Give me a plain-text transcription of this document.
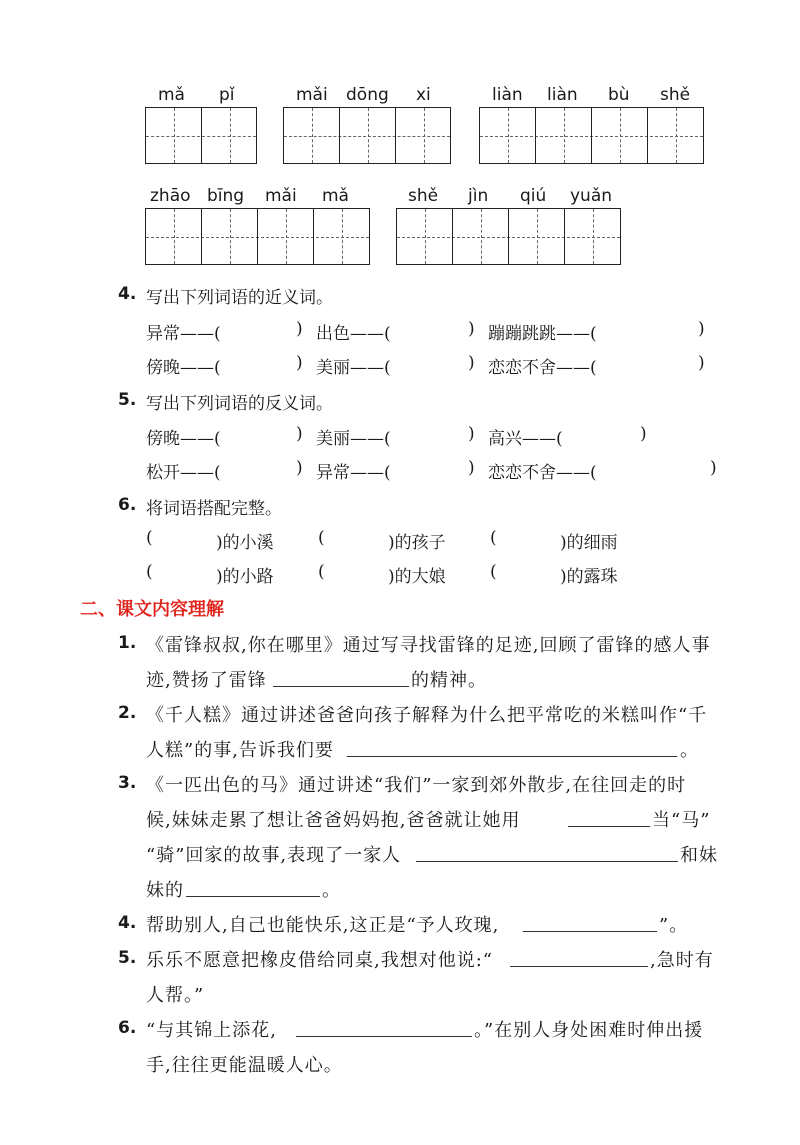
mǎ pǐ	mǎi dōng xi	liàn liàn bù shě
zhāo bīng mǎi mǎ	shě jìn qiú yuǎn
4. 写出下列词语的近义词。
异常——(	) 出色——(	) 蹦蹦跳跳——(	)
傍晚——(	) 美丽——(	) 恋恋不舍——(	)
5. 写出下列词语的反义词。
傍晚——(	) 美丽——(	) 高兴——(	)
松开——(	) 异常——(	) 恋恋不舍——(	)
6. 将词语搭配完整。
(	)的小溪	(	)的孩子	(	)的细雨
(	)的小路	(	)的大娘	(	)的露珠
二、课文内容理解
1. 《雷锋叔叔,你在哪里》通过写寻找雷锋的足迹,回顾了雷锋的感人事
迹,赞扬了雷锋	的精神。
2. 《千人糕》通过讲述爸爸向孩子解释为什么把平常吃的米糕叫作“千
人糕”的事,告诉我们要	。
3. 《一匹出色的马》通过讲述“我们”一家到郊外散步,在往回走的时
候,妹妹走累了想让爸爸妈妈抱,爸爸就让她用	当“马”
“骑”回家的故事,表现了一家人	和妹
妹的	。
4. 帮助别人,自己也能快乐,这正是“予人玫瑰,	”。
5. 乐乐不愿意把橡皮借给同桌,我想对他说:“	,急时有
人帮。”
6. “与其锦上添花,	。”在别人身处困难时伸出援
手,往往更能温暖人心。
